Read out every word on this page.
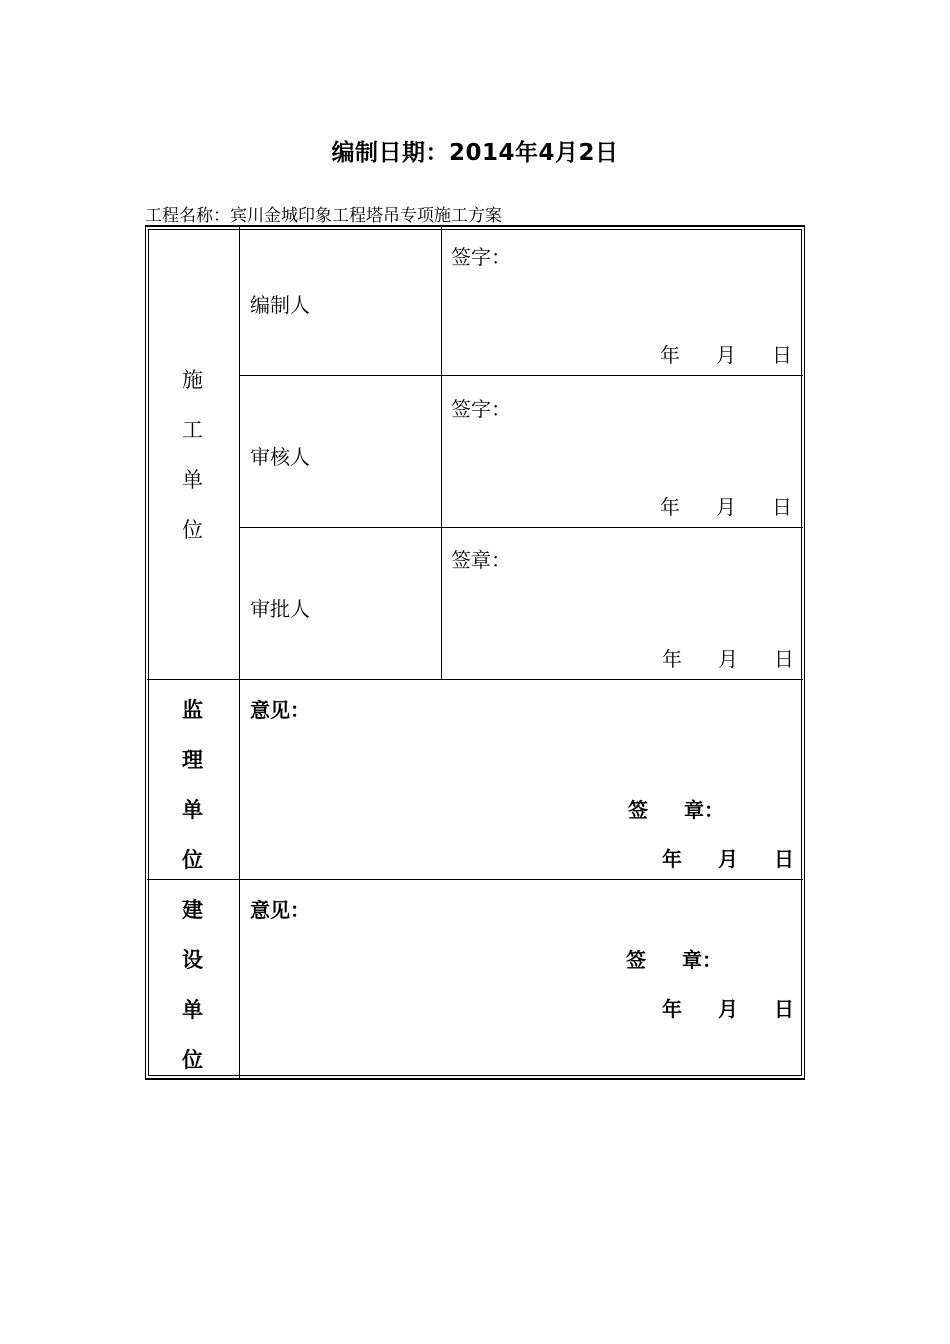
编制日期：2014年4月2日
工程名称：宾川金城印象工程塔吊专项施工方案
施
工
单
位
编制人
签字：
年 月 日
审核人
签字：
年 月 日
审批人
签章：
年 月 日
监
理
单
位
意见：
签 章：
年 月 日
建
设
单
位
意见：
签 章：
年 月 日
